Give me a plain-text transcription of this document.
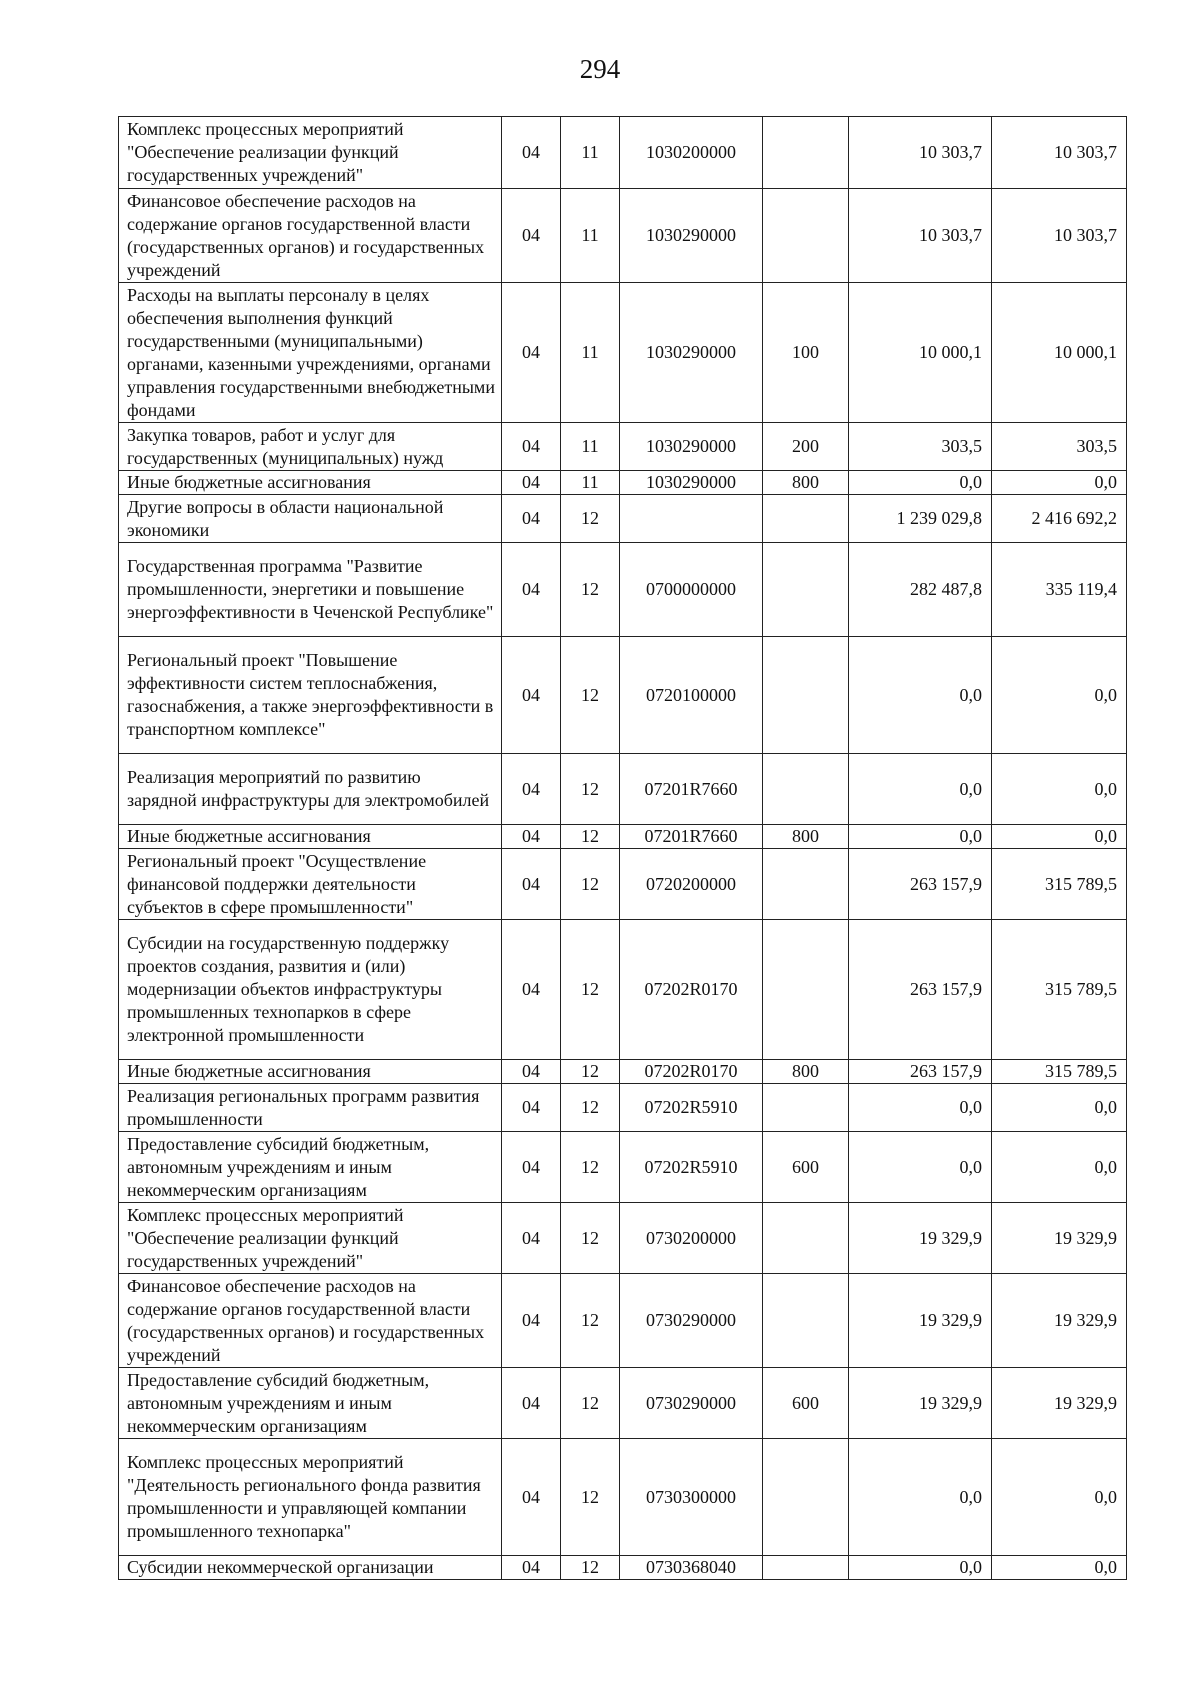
294
Комплекс процессных мероприятий "Обеспечение реализации функций государственных учреждений"	04	11	1030200000		10 303,7	10 303,7
Финансовое обеспечение расходов на содержание органов государственной власти (государственных органов) и государственных учреждений	04	11	1030290000		10 303,7	10 303,7
Расходы на выплаты персоналу в целях обеспечения выполнения функций государственными (муниципальными) органами, казенными учреждениями, органами управления государственными внебюджетными фондами	04	11	1030290000	100	10 000,1	10 000,1
Закупка товаров, работ и услуг для государственных (муниципальных) нужд	04	11	1030290000	200	303,5	303,5
Иные бюджетные ассигнования	04	11	1030290000	800	0,0	0,0
Другие вопросы в области национальной экономики	04	12			1 239 029,8	2 416 692,2
Государственная программа "Развитие промышленности, энергетики и повышение энергоэффективности в Чеченской Республике"	04	12	0700000000		282 487,8	335 119,4
Региональный проект "Повышение эффективности систем теплоснабжения, газоснабжения, а также энергоэффективности в транспортном комплексе"	04	12	0720100000		0,0	0,0
Реализация мероприятий по развитию зарядной инфраструктуры для электромобилей	04	12	07201R7660		0,0	0,0
Иные бюджетные ассигнования	04	12	07201R7660	800	0,0	0,0
Региональный проект "Осуществление финансовой поддержки деятельности субъектов в сфере промышленности"	04	12	0720200000		263 157,9	315 789,5
Субсидии на государственную поддержку проектов создания, развития и (или) модернизации объектов инфраструктуры промышленных технопарков в сфере электронной промышленности	04	12	07202R0170		263 157,9	315 789,5
Иные бюджетные ассигнования	04	12	07202R0170	800	263 157,9	315 789,5
Реализация региональных программ развития промышленности	04	12	07202R5910		0,0	0,0
Предоставление субсидий бюджетным, автономным учреждениям и иным некоммерческим организациям	04	12	07202R5910	600	0,0	0,0
Комплекс процессных мероприятий "Обеспечение реализации функций государственных учреждений"	04	12	0730200000		19 329,9	19 329,9
Финансовое обеспечение расходов на содержание органов государственной власти (государственных органов) и государственных учреждений	04	12	0730290000		19 329,9	19 329,9
Предоставление субсидий бюджетным, автономным учреждениям и иным некоммерческим организациям	04	12	0730290000	600	19 329,9	19 329,9
Комплекс процессных мероприятий "Деятельность регионального фонда развития промышленности и управляющей компании промышленного технопарка"	04	12	0730300000		0,0	0,0
Субсидии некоммерческой организации	04	12	0730368040		0,0	0,0
